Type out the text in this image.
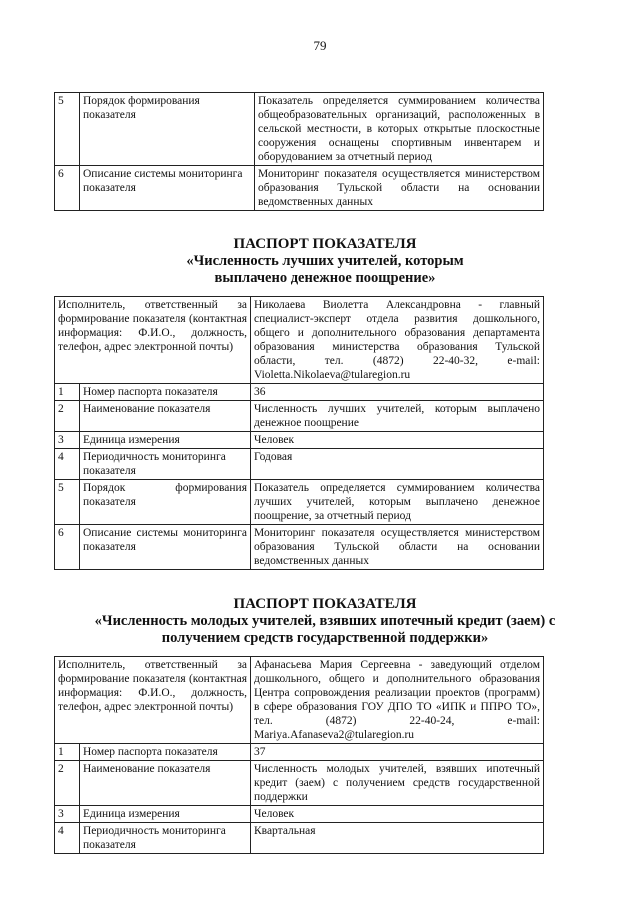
79
5	Порядок формирования показателя	Показатель определяется суммированием количества общеобразовательных организаций, расположенных в сельской местности, в которых открытые плоскостные сооружения оснащены спортивным инвентарем и оборудованием за отчетный период
6	Описание системы мониторинга показателя	Мониторинг показателя осуществляется министерством образования Тульской области на основании ведомственных данных
ПАСПОРТ ПОКАЗАТЕЛЯ
«Численность лучших учителей, которым выплачено денежное поощрение»
Исполнитель, ответственный за формирование показателя (контактная информация: Ф.И.О., должность, телефон, адрес электронной почты)		Николаева Виолетта Александровна - главный специалист-эксперт отдела развития дошкольного, общего и дополнительного образования департамента образования министерства образования Тульской области, тел. (4872) 22-40-32, e-mail: Violetta.Nikolaeva@tularegion.ru
1	Номер паспорта показателя	36
2	Наименование показателя	Численность лучших учителей, которым выплачено денежное поощрение
3	Единица измерения	Человек
4	Периодичность мониторинга показателя	Годовая
5	Порядок формирования показателя	Показатель определяется суммированием количества лучших учителей, которым выплачено денежное поощрение, за отчетный период
6	Описание системы мониторинга показателя	Мониторинг показателя осуществляется министерством образования Тульской области на основании ведомственных данных
ПАСПОРТ ПОКАЗАТЕЛЯ
«Численность молодых учителей, взявших ипотечный кредит (заем) с получением средств государственной поддержки»
Исполнитель, ответственный за формирование показателя (контактная информация: Ф.И.О., должность, телефон, адрес электронной почты)		Афанасьева Мария Сергеевна - заведующий отделом дошкольного, общего и дополнительного образования Центра сопровождения реализации проектов (программ) в сфере образования ГОУ ДПО ТО «ИПК и ППРО ТО», тел. (4872) 22-40-24, e-mail: Mariya.Afanaseva2@tularegion.ru
1	Номер паспорта показателя	37
2	Наименование показателя	Численность молодых учителей, взявших ипотечный кредит (заем) с получением средств государственной поддержки
3	Единица измерения	Человек
4	Периодичность мониторинга показателя	Квартальная
